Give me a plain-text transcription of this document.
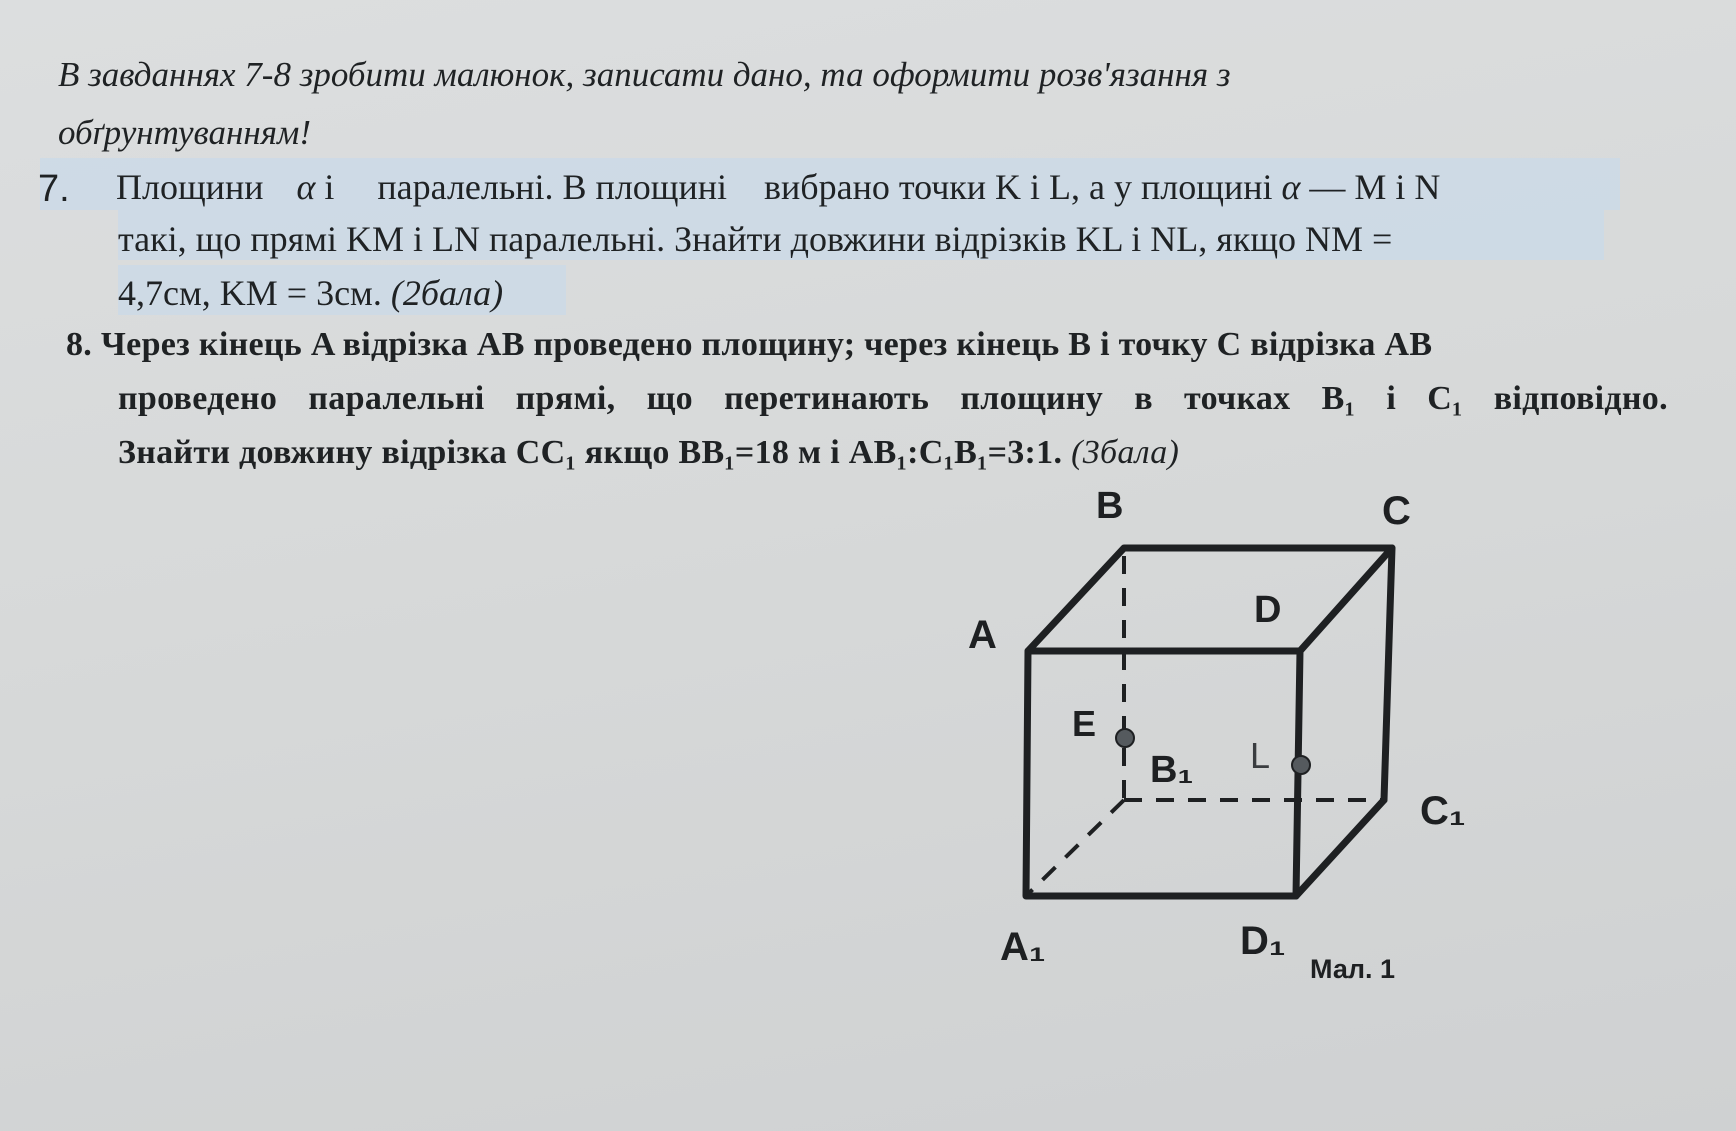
В завданнях 7-8 зробити малюнок, записати дано, та оформити розв'язання з
обґрунтуванням!
7. Площини α і паралельні. В площині вибрано точки K і L, а у площині α — M і N
такі, що прямі KM і LN паралельні. Знайти довжини відрізків KL і NL, якщо NM =
4,7см, KM = 3см. (2бала)
8. Через кінець A відрізка AB проведено площину; через кінець B і точку C відрізка AB
проведено паралельні прямі, що перетинають площину в точках B₁ і C₁ відповідно.
Знайти довжину відрізка CC₁ якщо BB₁=18 м і AB₁:C₁B₁=3:1. (3бала)
B	C
A
D
E
B₁ L
C₁
A₁	D₁
Мал. 1
